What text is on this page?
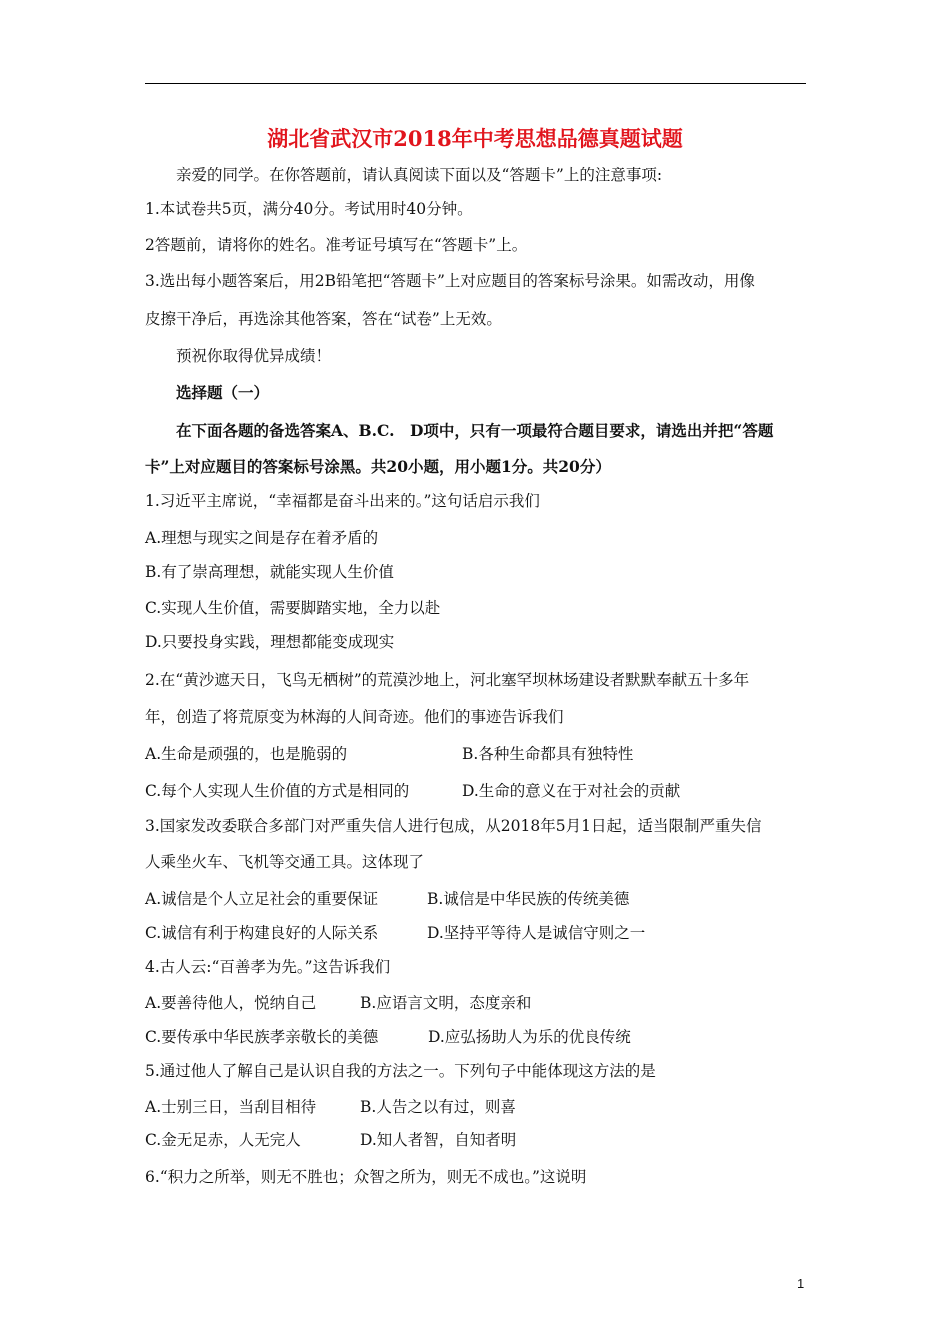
湖北省武汉市2018年中考思想品德真题试题
亲爱的同学。在你答题前，请认真阅读下面以及“答题卡”上的注意事项:
1.本试卷共5页，满分40分。考试用时40分钟。
2答题前，请将你的姓名。准考证号填写在“答题卡”上。
3.选出每小题答案后，用2B铅笔把“答题卡”上对应题目的答案标号涂果。如需改动，用像
皮擦干净后，再选涂其他答案，答在“试卷”上无效。
预祝你取得优异成绩！
选择题（一）
在下面各题的备选答案A、B.C.　D项中，只有一项最符合题目要求，请选出并把“答题
卡”上对应题目的答案标号涂黑。共20小题，用小题1分。共20分）
1.习近平主席说，“幸福都是奋斗出来的。”这句话启示我们
A.理想与现实之间是存在着矛盾的
B.有了崇高理想，就能实现人生价值
C.实现人生价值，需要脚踏实地，全力以赴
D.只要投身实践，理想都能变成现实
2.在“黄沙遮天日，飞鸟无栖树”的荒漠沙地上，河北塞罕坝林场建设者默默奉献五十多年
年，创造了将荒原变为林海的人间奇迹。他们的事迹告诉我们
A.生命是顽强的，也是脆弱的	B.各种生命都具有独特性
C.每个人实现人生价值的方式是相同的	D.生命的意义在于对社会的贡献
3.国家发改委联合多部门对严重失信人进行包成，从2018年5月1日起，适当限制严重失信
人乘坐火车、飞机等交通工具。这体现了
A.诚信是个人立足社会的重要保证	B.诚信是中华民族的传统美德
C.诚信有利于构建良好的人际关系	D.坚持平等待人是诚信守则之一
4.古人云:“百善孝为先。”这告诉我们
A.要善待他人，悦纳自己	B.应语言文明，态度亲和
C.要传承中华民族孝亲敬长的美德	D.应弘扬助人为乐的优良传统
5.通过他人了解自己是认识自我的方法之一。下列句子中能体现这方法的是
A.士别三日，当刮目相待	B.人告之以有过，则喜
C.金无足赤，人无完人	D.知人者智，自知者明
6.“积力之所举，则无不胜也；众智之所为，则无不成也。”这说明
1
